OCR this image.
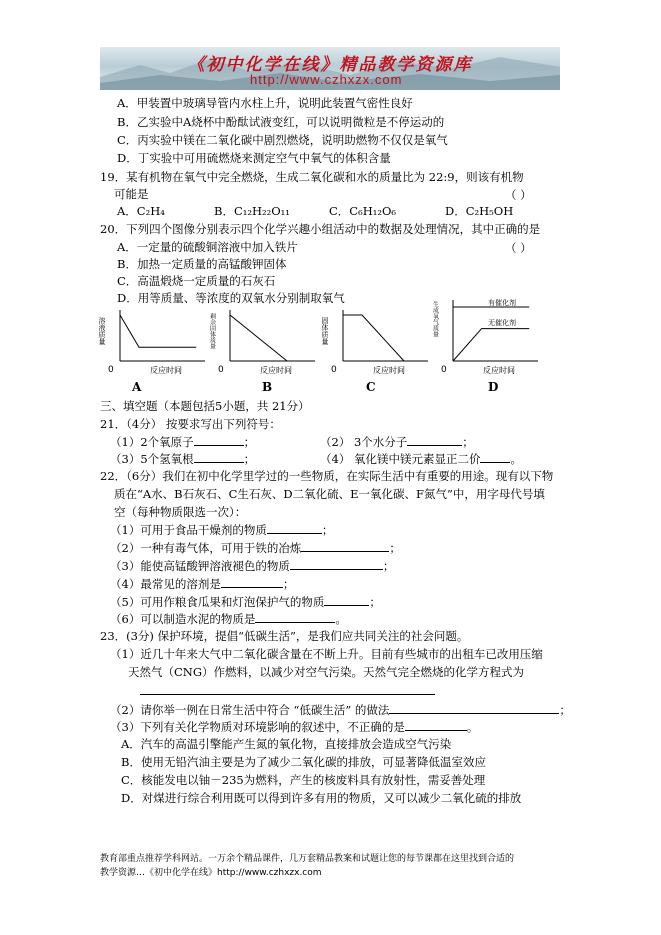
《初中化学在线》精品教学资源库
http://www.czhxzx.com
A．甲装置中玻璃导管内水柱上升，说明此装置气密性良好
B．乙实验中A烧杯中酚酞试液变红，可以说明微粒是不停运动的
C．丙实验中镁在二氧化碳中剧烈燃烧，说明助燃物不仅仅是氧气
D．丁实验中可用硫燃烧来测定空气中氧气的体积含量
19．某有机物在氧气中完全燃烧，生成二氧化碳和水的质量比为 22:9，则该有机物
可能是	（ ）
A．C₂H₄	B．C₁₂H₂₂O₁₁	C．C₆H₁₂O₆	D．C₂H₅OH
20．下列四个图像分别表示四个化学兴趣小组活动中的数据及处理情况，其中正确的是
（ ）
A．一定量的硫酸铜溶液中加入铁片
B．加热一定质量的高锰酸钾固体
C．高温煅烧一定质量的石灰石
D．用等质量、等浓度的双氧水分别制取氧气
溶液质量
反应时间
0
剩余固体质量
反应时间
0
固体质量
反应时间
0
有催化剂
无催化剂
生成氧气质量
反应时间
0
A	B	C	D
三、填空题（本题包括5小题，共 21分）
21．（4分） 按要求写出下列符号：
（1）2个氧原子	；	（2） 3个水分子	；
（3）5个氢氧根	；	（4） 氧化镁中镁元素显正二价	。
22．（6分）我们在初中化学里学过的一些物质，在实际生活中有重要的用途。现有以下物
质在“A水、B石灰石、C生石灰、D二氧化硫、E一氧化碳、F氮气”中，用字母代号填
空（每种物质限选一次）：
（1）可用于食品干燥剂的物质	；
（2）一种有毒气体，可用于铁的冶炼	；
（3）能使高锰酸钾溶液褪色的物质	；
（4）最常见的溶剂是	；
（5）可用作粮食瓜果和灯泡保护气的物质	；
（6）可以制造水泥的物质是	。
23．(3分) 保护环境，提倡“低碳生活”，是我们应共同关注的社会问题。
（1）近几十年来大气中二氧化碳含量在不断上升。目前有些城市的出租车已改用压缩
天然气（CNG）作燃料，以减少对空气污染。天然气完全燃烧的化学方程式为
（2）请你举一例在日常生活中符合 “低碳生活” 的做法	；
（3）下列有关化学物质对环境影响的叙述中，不正确的是	。
A．汽车的高温引擎能产生氮的氧化物，直接排放会造成空气污染
B．使用无铅汽油主要是为了减少二氧化碳的排放，可显著降低温室效应
C．核能发电以铀－235为燃料，产生的核废料具有放射性，需妥善处理
D．对煤进行综合利用既可以得到许多有用的物质，又可以减少二氧化硫的排放
教育部重点推荐学科网站。一万余个精品课件，几万套精品教案和试题让您的每节课都在这里找到合适的
教学资源…《初中化学在线》http://www.czhxzx.com
